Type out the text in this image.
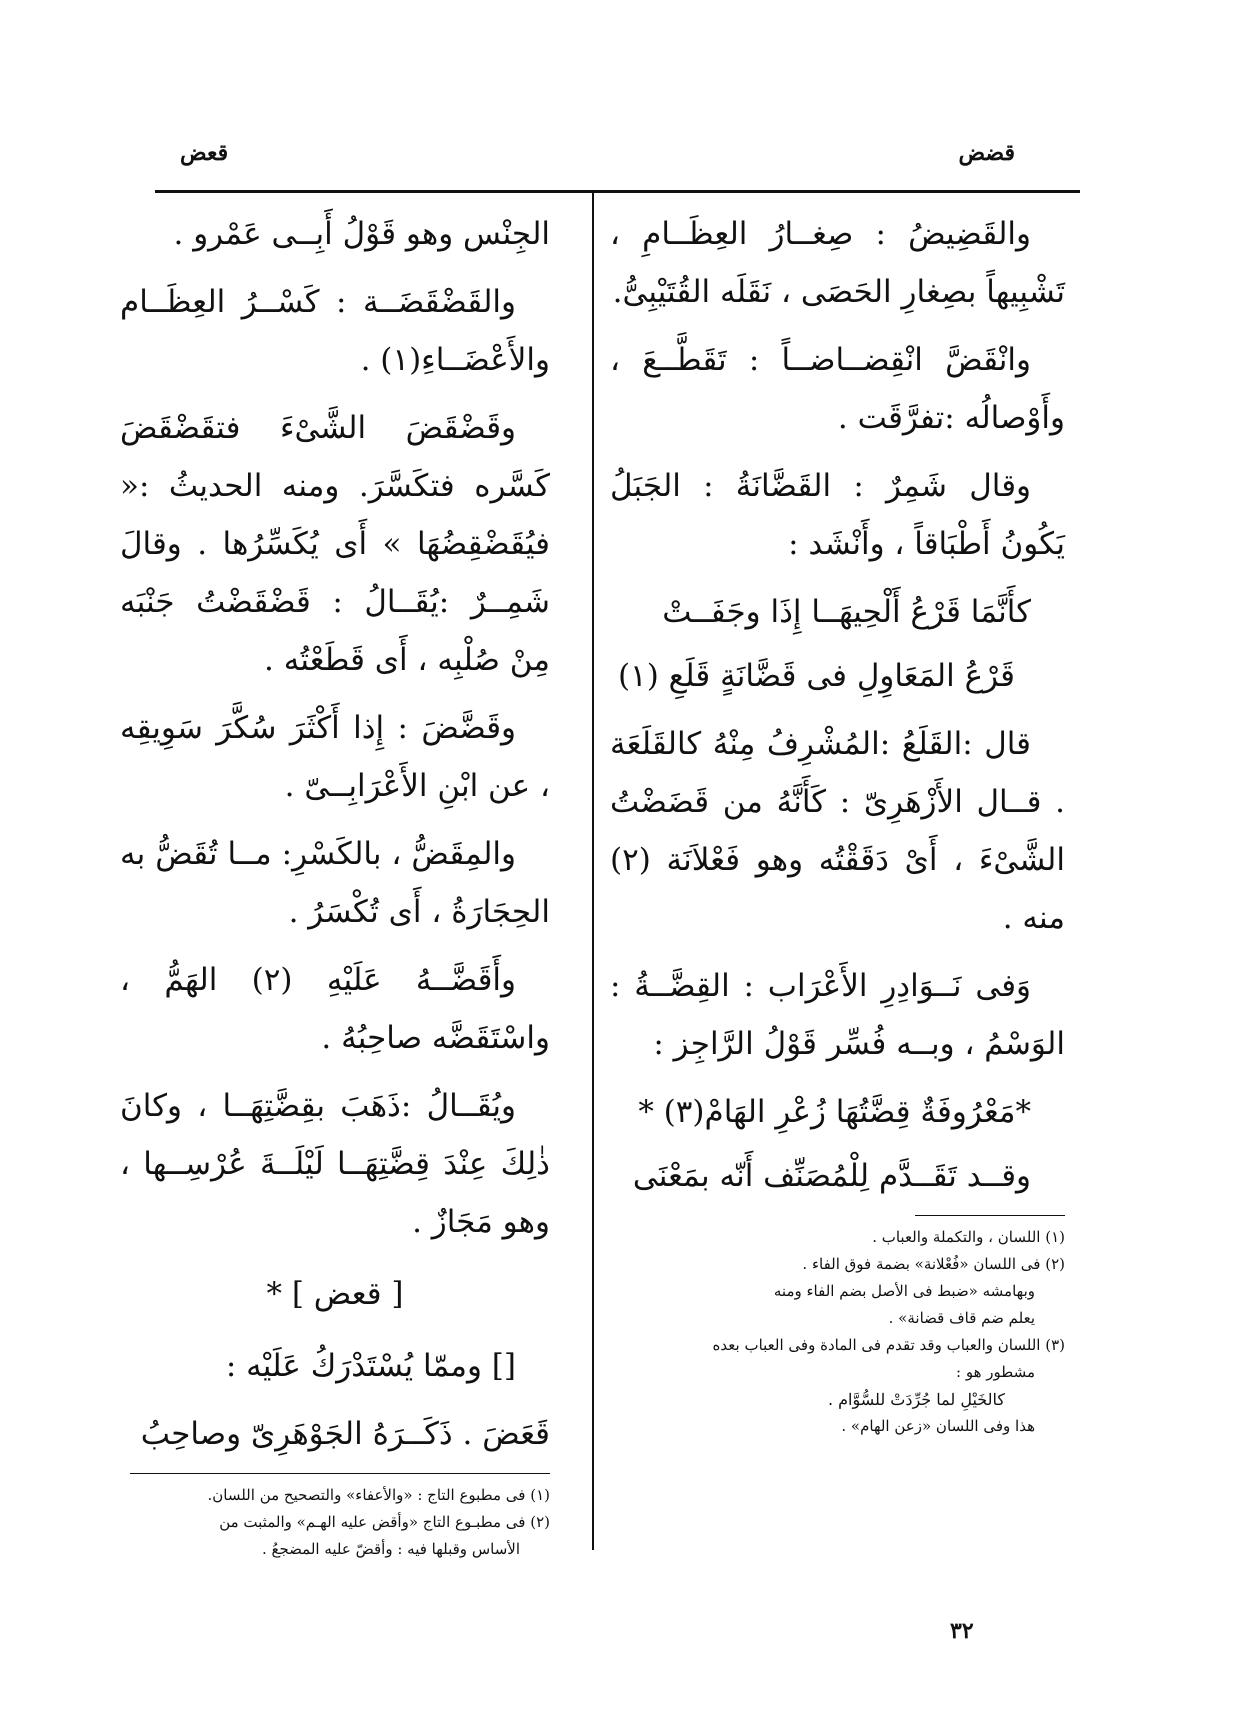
قضض
قعض

والقَضِيضُ : صِغــارُ العِظَــامِ ، تَشْبِيهاً بصِغارِ الحَصَى ، نَقَلَه القُتَيْبِىُّ.

وانْقَضَّ انْقِضــاضــاً : تَقَطَّــعَ ، وأَوْصالُه :تفرَّقَت .

وقال شَمِرٌ : القَضَّانَةُ : الجَبَلُ يَكُونُ أَطْبَاقاً ، وأَنْشَد :

كأَنَّمَا قَرْعُ أَلْحِيهَــا إِذَا وجَفَــتْ

قَرْعُ المَعَاوِلِ فى قَضَّانَةٍ قَلَعِ (١)

قال :القَلَعُ :المُشْرِفُ مِنْهُ كالقَلَعَة . قــال الأَزْهَرِىّ : كَأَنَّهُ من قَضَضْتُ الشَّىْءَ ، أَىْ دَقَقْتُه وهو فَعْلاَنَة (٢) منه .

وَفى نَــوَادِرِ الأَعْرَاب : القِضَّــةُ : الوَسْمُ ، وبــه فُسِّر قَوْلُ الرَّاجِز :

*مَعْرُوفَةٌ قِضَّتُهَا زُعْرِ الهَامْ(٣) *

وقــد تَقَــدَّم لِلْمُصَنِّف أَنّه بمَعْنَى

(١) اللسان ، والتكملة والعباب .

(٢) فى اللسان «فُعْلانة» بضمة فوق الفاء .

وبهامشه «ضبط فى الأصل بضم الفاء ومنه

يعلم ضم قاف قضانة» .

(٣) اللسان والعباب وقد تقدم فى المادة وفى العباب بعده

مشطور هو :

كالخَيْلِ لما جُرِّدَتْ للسُّوَّام .

هذا وفى اللسان «زعن الهام» .

الجِنْس وهو قَوْلُ أَبِــى عَمْرو .

والقَضْقَضَــة : كَسْــرُ العِظَــام والأَعْضَــاءِ(١) .

وقَضْقَضَ الشَّىْءَ فتقَضْقَضَ كَسَّره فتكَسَّرَ. ومنه الحديثُ :« فيُقَضْقِضُهَا » أَى يُكَسِّرُها . وقالَ شَمِــرٌ :يُقَــالُ : قَضْقَضْتُ جَنْبَه مِنْ صُلْبِه ، أَى قَطَعْتُه .

وقَضَّضَ : إِذا أَكْثَرَ سُكَّرَ سَوِيقِه ، عن ابْنِ الأَعْرَابِــىّ .

والمِقَضُّ ، بالكَسْرِ: مــا تُقَضُّ به الحِجَارَةُ ، أَى تُكْسَرُ .

وأَقَضَّــهُ عَلَيْهِ (٢) الهَمُّ ، واسْتَقَضَّه صاحِبُهُ .

ويُقَــالُ :ذَهَبَ بقِضَّتِهَــا ، وكانَ ذٰلِكَ عِنْدَ قِضَّتِهَــا لَيْلَــةَ عُرْسِــها ، وهو مَجَازٌ .

[ قعض ] *

[] وممّا يُسْتَدْرَكُ عَلَيْه :

قَعَضَ . ذَكَــرَهُ الجَوْهَرِىّ وصاحِبُ

(١) فى مطبوع التاج : «والأعفاء» والتصحيح من اللسان.

(٢) فى مطبـوع التاج «وأقض عليه الهـم» والمثبت من

الأساس وقبلها فيه : وأقضّ عليه المضجعُ .

٣٢
